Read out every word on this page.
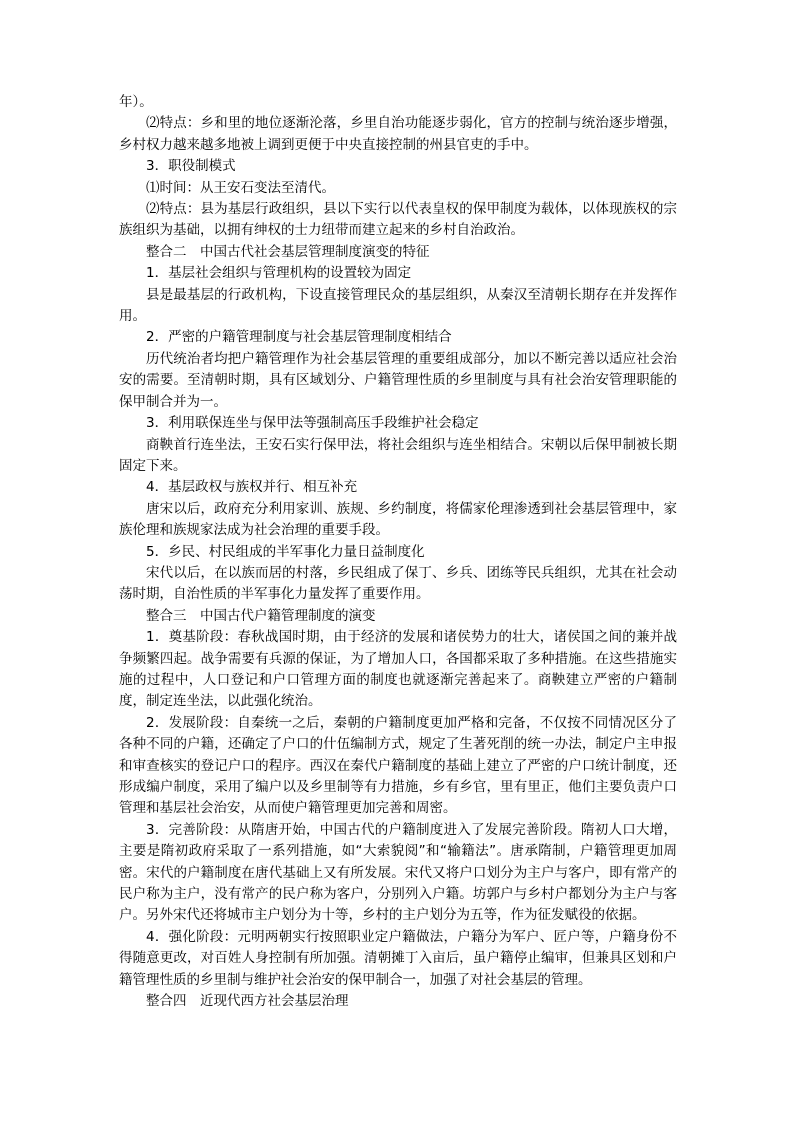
年）。

⑵特点：乡和里的地位逐渐沦落，乡里自治功能逐步弱化，官方的控制与统治逐步增强，乡村权力越来越多地被上调到更便于中央直接控制的州县官吏的手中。

3．职役制模式

⑴时间：从王安石变法至清代。

⑵特点：县为基层行政组织，县以下实行以代表皇权的保甲制度为载体，以体现族权的宗族组织为基础，以拥有绅权的士力纽带而建立起来的乡村自治政治。

整合二　中国古代社会基层管理制度演变的特征

1．基层社会组织与管理机构的设置较为固定

县是最基层的行政机构，下设直接管理民众的基层组织，从秦汉至清朝长期存在并发挥作用。

2．严密的户籍管理制度与社会基层管理制度相结合

历代统治者均把户籍管理作为社会基层管理的重要组成部分，加以不断完善以适应社会治安的需要。至清朝时期，具有区域划分、户籍管理性质的乡里制度与具有社会治安管理职能的保甲制合并为一。

3．利用联保连坐与保甲法等强制高压手段维护社会稳定

商鞅首行连坐法，王安石实行保甲法，将社会组织与连坐相结合。宋朝以后保甲制被长期固定下来。

4．基层政权与族权并行、相互补充

唐宋以后，政府充分利用家训、族规、乡约制度，将儒家伦理渗透到社会基层管理中，家族伦理和族规家法成为社会治理的重要手段。

5．乡民、村民组成的半军事化力量日益制度化

宋代以后，在以族而居的村落，乡民组成了保丁、乡兵、团练等民兵组织，尤其在社会动荡时期，自治性质的半军事化力量发挥了重要作用。

整合三　中国古代户籍管理制度的演变

1．奠基阶段：春秋战国时期，由于经济的发展和诸侯势力的壮大，诸侯国之间的兼并战争频繁四起。战争需要有兵源的保证，为了增加人口，各国都采取了多种措施。在这些措施实施的过程中，人口登记和户口管理方面的制度也就逐渐完善起来了。商鞅建立严密的户籍制度，制定连坐法，以此强化统治。

2．发展阶段：自秦统一之后，秦朝的户籍制度更加严格和完备，不仅按不同情况区分了各种不同的户籍，还确定了户口的什伍编制方式，规定了生著死削的统一办法，制定户主申报和审查核实的登记户口的程序。西汉在秦代户籍制度的基础上建立了严密的户口统计制度，还形成编户制度，采用了编户以及乡里制等有力措施，乡有乡官，里有里正，他们主要负责户口管理和基层社会治安，从而使户籍管理更加完善和周密。

3．完善阶段：从隋唐开始，中国古代的户籍制度进入了发展完善阶段。隋初人口大增，主要是隋初政府采取了一系列措施，如“大索貌阅”和“输籍法”。唐承隋制，户籍管理更加周密。宋代的户籍制度在唐代基础上又有所发展。宋代又将户口划分为主户与客户，即有常产的民户称为主户，没有常产的民户称为客户，分别列入户籍。坊郭户与乡村户都划分为主户与客户。另外宋代还将城市主户划分为十等，乡村的主户划分为五等，作为征发赋役的依据。

4．强化阶段：元明两朝实行按照职业定户籍做法，户籍分为军户、匠户等，户籍身份不得随意更改，对百姓人身控制有所加强。清朝摊丁入亩后，虽户籍停止编审，但兼具区划和户籍管理性质的乡里制与维护社会治安的保甲制合一，加强了对社会基层的管理。

整合四　近现代西方社会基层治理
